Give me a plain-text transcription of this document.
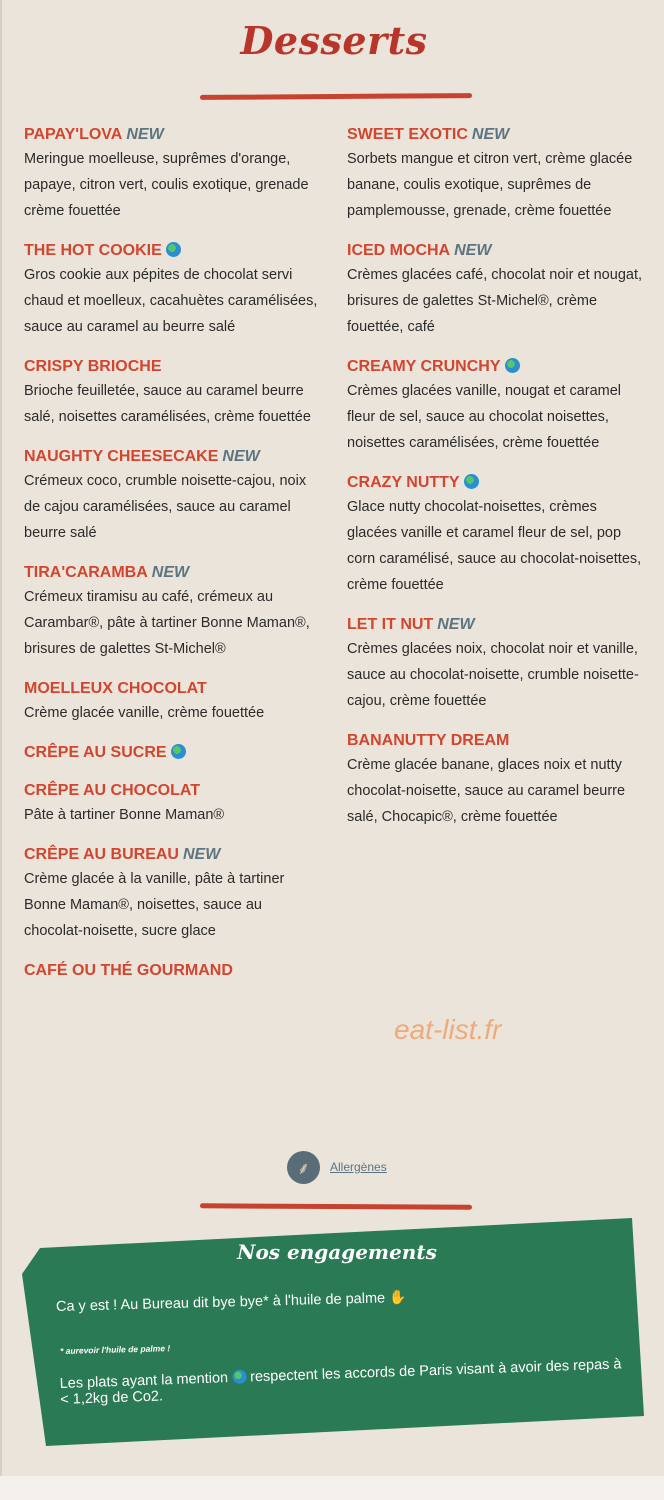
Desserts
PAPAY'LOVA NEW
Meringue moelleuse, suprêmes d'orange, papaye, citron vert, coulis exotique, grenade crème fouettée
THE HOT COOKIE
Gros cookie aux pépites de chocolat servi chaud et moelleux, cacahuètes caramélisées, sauce au caramel au beurre salé
CRISPY BRIOCHE
Brioche feuilletée, sauce au caramel beurre salé, noisettes caramélisées, crème fouettée
NAUGHTY CHEESECAKE NEW
Crémeux coco, crumble noisette-cajou, noix de cajou caramélisées, sauce au caramel beurre salé
TIRA'CARAMBA NEW
Crémeux tiramisu au café, crémeux au Carambar®, pâte à tartiner Bonne Maman®, brisures de galettes St-Michel®
MOELLEUX CHOCOLAT
Crème glacée vanille, crème fouettée
CRÊPE AU SUCRE
CRÊPE AU CHOCOLAT
Pâte à tartiner Bonne Maman®
CRÊPE AU BUREAU NEW
Crème glacée à la vanille, pâte à tartiner Bonne Maman®, noisettes, sauce au chocolat-noisette, sucre glace
CAFÉ OU THÉ GOURMAND
SWEET EXOTIC NEW
Sorbets mangue et citron vert, crème glacée banane, coulis exotique, suprêmes de pamplemousse, grenade, crème fouettée
ICED MOCHA NEW
Crèmes glacées café, chocolat noir et nougat, brisures de galettes St-Michel®, crème fouettée, café
CREAMY CRUNCHY
Crèmes glacées vanille, nougat et caramel fleur de sel, sauce au chocolat noisettes, noisettes caramélisées, crème fouettée
CRAZY NUTTY
Glace nutty chocolat-noisettes, crèmes glacées vanille et caramel fleur de sel, pop corn caramélisé, sauce au chocolat-noisettes, crème fouettée
LET IT NUT NEW
Crèmes glacées noix, chocolat noir et vanille, sauce au chocolat-noisette, crumble noisette-cajou, crème fouettée
BANANUTTY DREAM
Crème glacée banane, glaces noix et nutty chocolat-noisette, sauce au caramel beurre salé, Chocapic®, crème fouettée
eat-list.fr
⸙	Allergènes
Nos engagements
Ca y est ! Au Bureau dit bye bye* à l'huile de palme ✋
* aurevoir l'huile de palme !
Les plats ayant la mention respectent les accords de Paris visant à avoir des repas à < 1,2kg de Co2.
